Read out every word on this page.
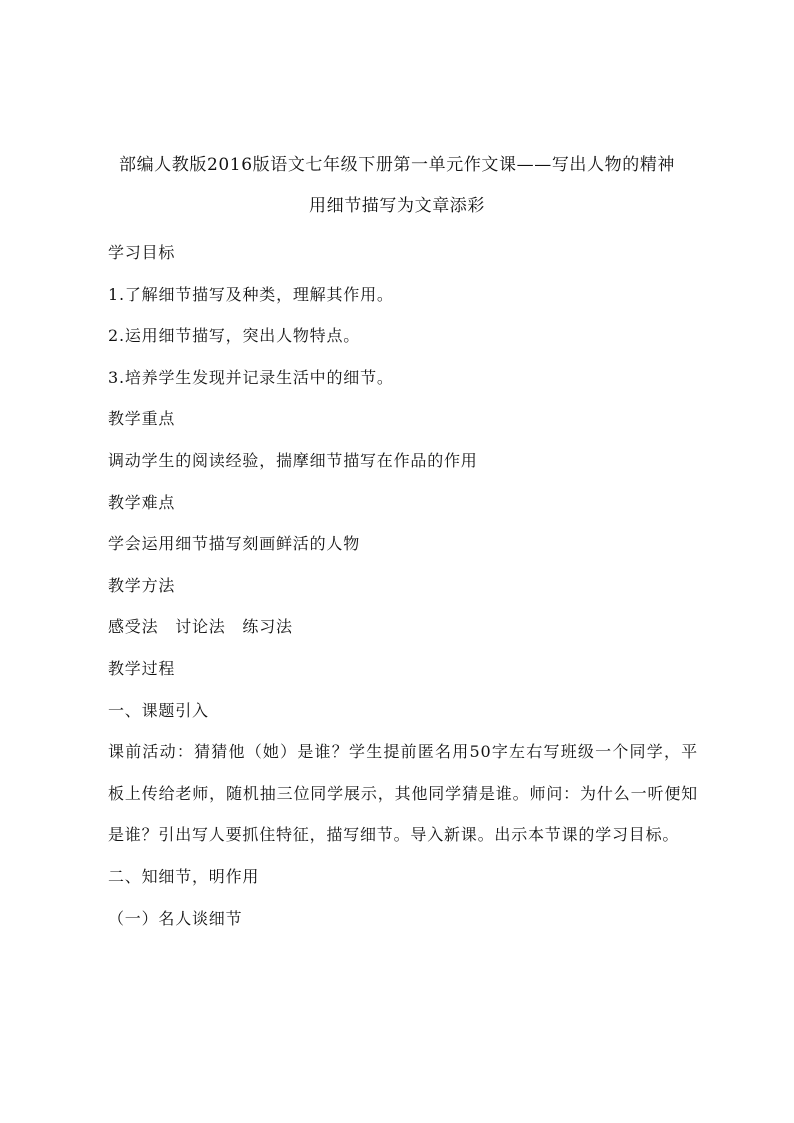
部编人教版2016版语文七年级下册第一单元作文课——写出人物的精神
用细节描写为文章添彩

学习目标

1.了解细节描写及种类，理解其作用。

2.运用细节描写，突出人物特点。

3.培养学生发现并记录生活中的细节。

教学重点

调动学生的阅读经验，揣摩细节描写在作品的作用

教学难点

学会运用细节描写刻画鲜活的人物

教学方法

感受法　讨论法　练习法

教学过程

一、课题引入

课前活动：猜猜他（她）是谁？学生提前匿名用50字左右写班级一个同学，平板上传给老师，随机抽三位同学展示，其他同学猜是谁。师问：为什么一听便知是谁？引出写人要抓住特征，描写细节。导入新课。出示本节课的学习目标。

二、知细节，明作用

（一）名人谈细节
